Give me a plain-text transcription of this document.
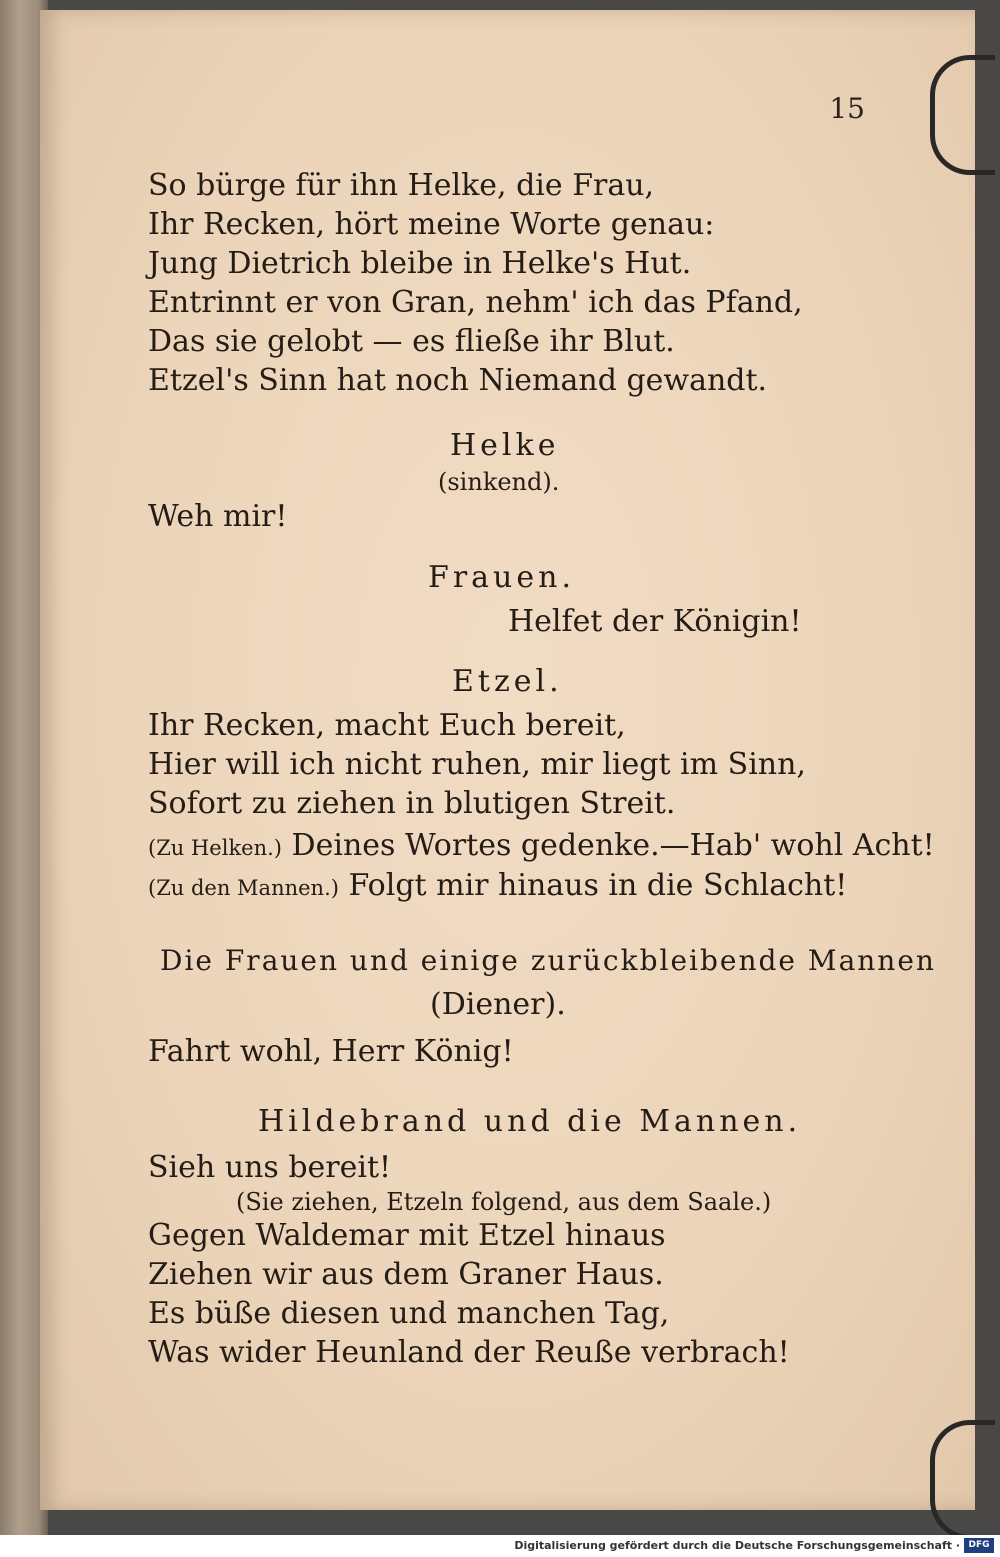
15
So bürge für ihn Helke, die Frau,
Ihr Recken, hört meine Worte genau:
Jung Dietrich bleibe in Helke's Hut.
Entrinnt er von Gran, nehm' ich das Pfand,
Das sie gelobt — es fließe ihr Blut.
Etzel's Sinn hat noch Niemand gewandt.
Helke
(sinkend).
Weh mir!
Frauen.
Helfet der Königin!
Etzel.
Ihr Recken, macht Euch bereit,
Hier will ich nicht ruhen, mir liegt im Sinn,
Sofort zu ziehen in blutigen Streit.
(Zu Helken.) Deines Wortes gedenke.—Hab' wohl Acht!
(Zu den Mannen.) Folgt mir hinaus in die Schlacht!
Die Frauen und einige zurückbleibende Mannen
(Diener).
Fahrt wohl, Herr König!
Hildebrand und die Mannen.
Sieh uns bereit!
(Sie ziehen, Etzeln folgend, aus dem Saale.)
Gegen Waldemar mit Etzel hinaus
Ziehen wir aus dem Graner Haus.
Es büße diesen und manchen Tag,
Was wider Heunland der Reuße verbrach!
Digitalisierung gefördert durch die Deutsche Forschungsgemeinschaft · DFG
